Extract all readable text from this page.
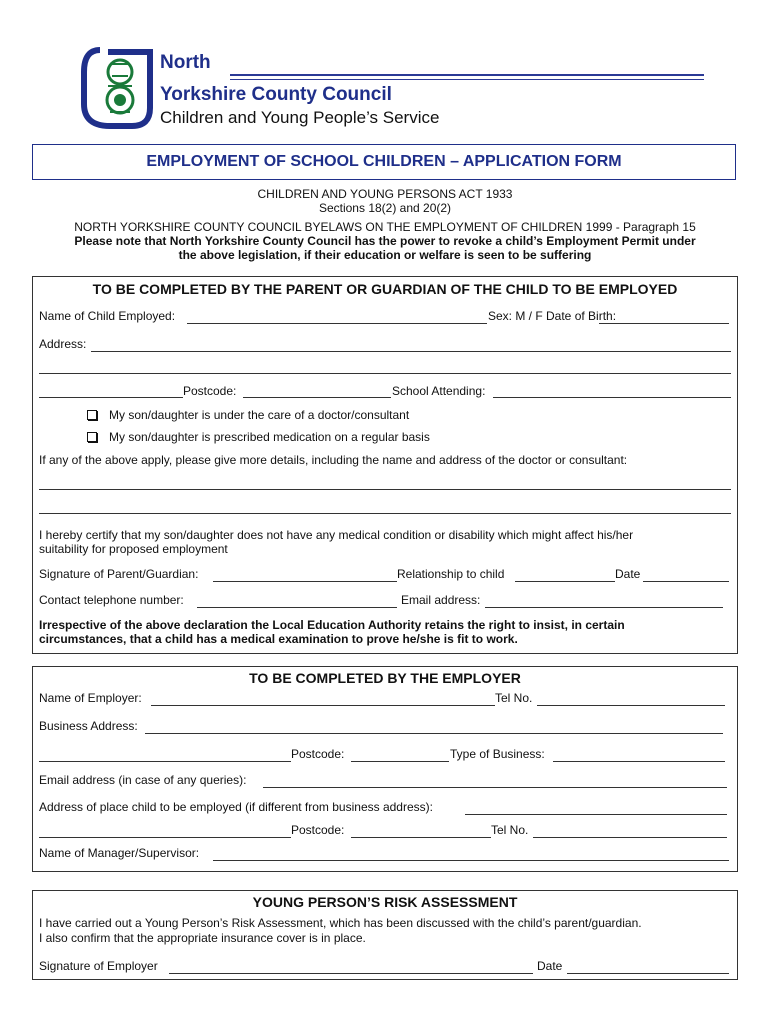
North
Yorkshire County Council
Children and Young People’s Service
EMPLOYMENT OF SCHOOL CHILDREN – APPLICATION FORM
CHILDREN AND YOUNG PERSONS ACT 1933
Sections 18(2) and 20(2)
NORTH YORKSHIRE COUNTY COUNCIL BYELAWS ON THE EMPLOYMENT OF CHILDREN 1999 - Paragraph 15
Please note that North Yorkshire County Council has the power to revoke a child’s Employment Permit under
the above legislation, if their education or welfare is seen to be suffering
TO BE COMPLETED BY THE PARENT OR GUARDIAN OF THE CHILD TO BE EMPLOYED
Name of Child Employed:	Sex: M / F Date of Birth:
Address:
Postcode:	School Attending:
My son/daughter is under the care of a doctor/consultant
My son/daughter is prescribed medication on a regular basis
If any of the above apply, please give more details, including the name and address of the doctor or consultant:
I hereby certify that my son/daughter does not have any medical condition or disability which might affect his/her
suitability for proposed employment
Signature of Parent/Guardian:	Relationship to child	Date
Contact telephone number:	Email address:
Irrespective of the above declaration the Local Education Authority retains the right to insist, in certain
circumstances, that a child has a medical examination to prove he/she is fit to work.
TO BE COMPLETED BY THE EMPLOYER
Name of Employer:	Tel No.
Business Address:
Postcode:	Type of Business:
Email address (in case of any queries):
Address of place child to be employed (if different from business address):
Postcode:	Tel No.
Name of Manager/Supervisor:
YOUNG PERSON’S RISK ASSESSMENT
I have carried out a Young Person’s Risk Assessment, which has been discussed with the child’s parent/guardian.
I also confirm that the appropriate insurance cover is in place.
Signature of Employer	Date
